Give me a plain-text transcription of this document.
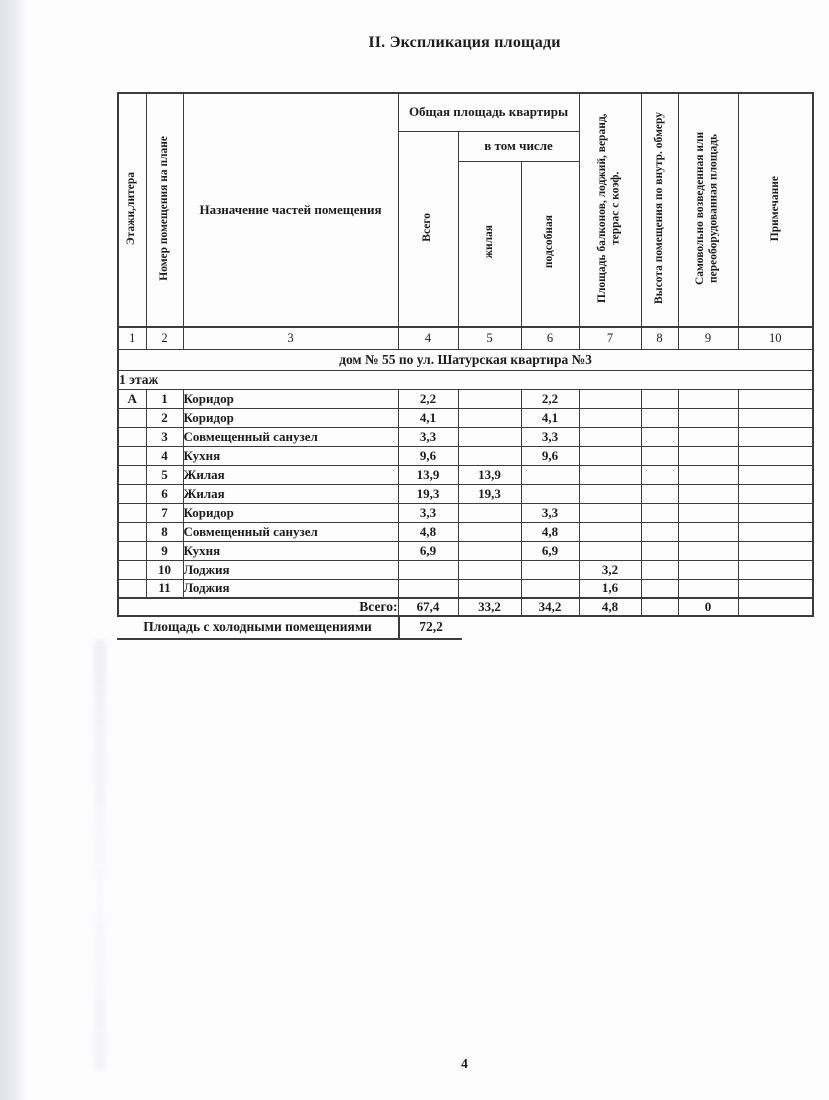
II. Экспликация площади
Этажи,литера	Номер помещения на плане	Назначение частей помещения	Общая площадь квартиры			Площадь балконов, лоджий, веранд, террас с коэф.	Высота помещения по внутр. обмеру	Самовольно возведенная или переоборудованная площадь	Примечание
			Всего	в том числе					
				жилая	подсобная				
1	2	3	4	5	6	7	8	9	10
дом № 55 по ул. Шатурская квартира №3									
1 этаж									
А	1	Коридор	2,2		2,2				
	2	Коридор	4,1		4,1				
	3	Совмещенный санузел	3,3		3,3				
	4	Кухня	9,6		9,6				
	5	Жилая	13,9	13,9					
	6	Жилая	19,3	19,3					
	7	Коридор	3,3		3,3				
	8	Совмещенный санузел	4,8		4,8				
	9	Кухня	6,9		6,9				
	10	Лоджия				3,2			
	11	Лоджия				1,6			
Всего:			67,4	33,2	34,2	4,8		0	
Площадь с холодными помещениями	72,2
4
